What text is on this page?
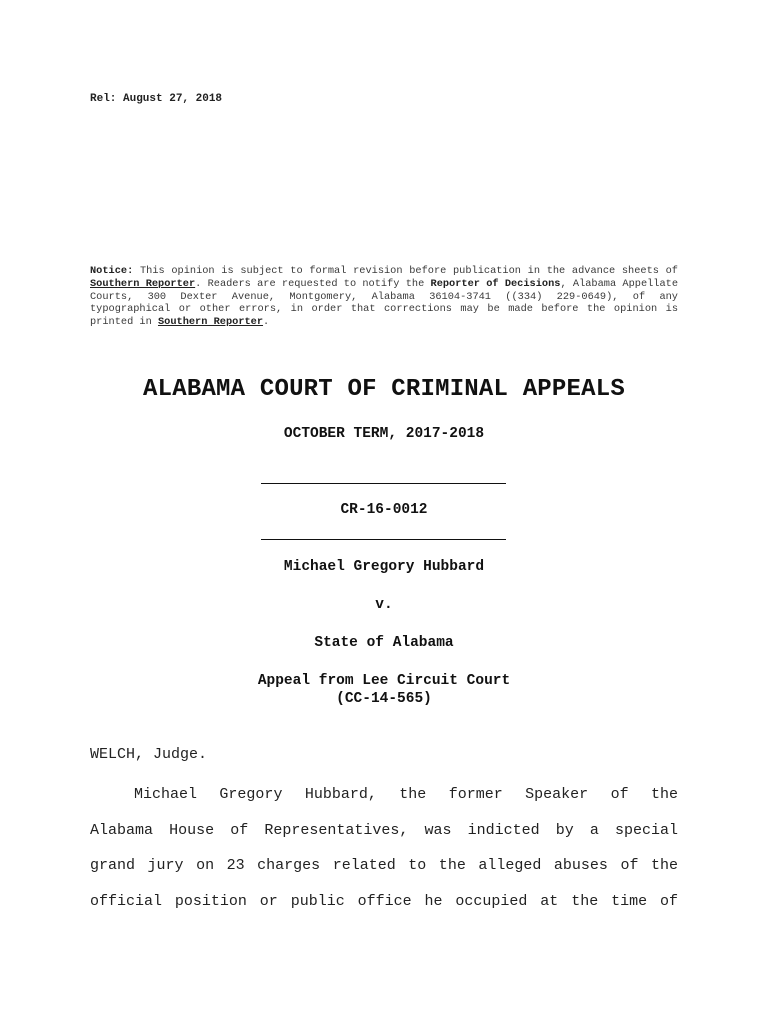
Rel: August 27, 2018
Notice: This opinion is subject to formal revision before publication in the advance sheets of Southern Reporter. Readers are requested to notify the Reporter of Decisions, Alabama Appellate Courts, 300 Dexter Avenue, Montgomery, Alabama 36104-3741 ((334) 229-0649), of any typographical or other errors, in order that corrections may be made before the opinion is printed in Southern Reporter.
ALABAMA COURT OF CRIMINAL APPEALS
OCTOBER TERM, 2017-2018
CR-16-0012
Michael Gregory Hubbard
v.
State of Alabama
Appeal from Lee Circuit Court
(CC-14-565)
WELCH, Judge.
Michael Gregory Hubbard, the former Speaker of the
Alabama House of Representatives, was indicted by a special
grand jury on 23 charges related to the alleged abuses of the
official position or public office he occupied at the time of
